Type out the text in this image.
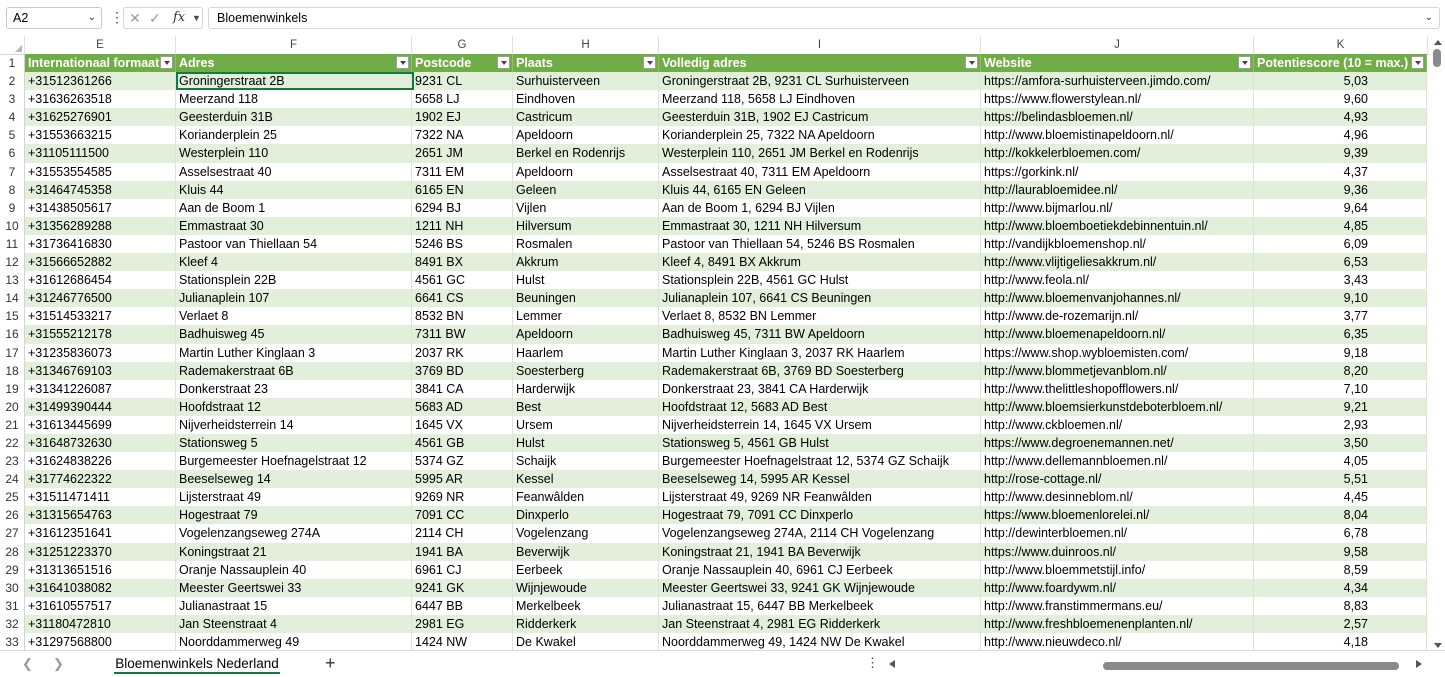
A2	⌄ ⋮ ✕ ✓ fx ▼	Bloemenwinkels	⌄
E	F	G	H	I	J	K
1
2
3
4
5
6
7
8
9
10
11
12
13
14
15
16
17
18
19
20
21
22
23
24
25
26
27
28
29
30
31
32
33
Internationaal formaat	Adres	Postcode	Plaats	Volledig adres	Website	Potentiescore (10 = max.)
+31512361266	Groningerstraat 2B	9231 CL	Surhuisterveen	Groningerstraat 2B, 9231 CL Surhuisterveen	https://amfora-surhuisterveen.jimdo.com/	5,03
+31636263518	Meerzand 118	5658 LJ	Eindhoven	Meerzand 118, 5658 LJ Eindhoven	https://www.flowerstylean.nl/	9,60
+31625276901	Geesterduin 31B	1902 EJ	Castricum	Geesterduin 31B, 1902 EJ Castricum	https://belindasbloemen.nl/	4,93
+31553663215	Korianderplein 25	7322 NA	Apeldoorn	Korianderplein 25, 7322 NA Apeldoorn	http://www.bloemistinapeldoorn.nl/	4,96
+31105111500	Westerplein 110	2651 JM	Berkel en Rodenrijs	Westerplein 110, 2651 JM Berkel en Rodenrijs	http://kokkelerbloemen.com/	9,39
+31553554585	Asselsestraat 40	7311 EM	Apeldoorn	Asselsestraat 40, 7311 EM Apeldoorn	https://gorkink.nl/	4,37
+31464745358	Kluis 44	6165 EN	Geleen	Kluis 44, 6165 EN Geleen	http://laurabloemidee.nl/	9,36
+31438505617	Aan de Boom 1	6294 BJ	Vijlen	Aan de Boom 1, 6294 BJ Vijlen	http://www.bijmarlou.nl/	9,64
+31356289288	Emmastraat 30	1211 NH	Hilversum	Emmastraat 30, 1211 NH Hilversum	http://www.bloemboetiekdebinnentuin.nl/	4,85
+31736416830	Pastoor van Thiellaan 54	5246 BS	Rosmalen	Pastoor van Thiellaan 54, 5246 BS Rosmalen	http://vandijkbloemenshop.nl/	6,09
+31566652882	Kleef 4	8491 BX	Akkrum	Kleef 4, 8491 BX Akkrum	http://www.vlijtigeliesakkrum.nl/	6,53
+31612686454	Stationsplein 22B	4561 GC	Hulst	Stationsplein 22B, 4561 GC Hulst	http://www.feola.nl/	3,43
+31246776500	Julianaplein 107	6641 CS	Beuningen	Julianaplein 107, 6641 CS Beuningen	http://www.bloemenvanjohannes.nl/	9,10
+31514533217	Verlaet 8	8532 BN	Lemmer	Verlaet 8, 8532 BN Lemmer	http://www.de-rozemarijn.nl/	3,77
+31555212178	Badhuisweg 45	7311 BW	Apeldoorn	Badhuisweg 45, 7311 BW Apeldoorn	http://www.bloemenapeldoorn.nl/	6,35
+31235836073	Martin Luther Kinglaan 3	2037 RK	Haarlem	Martin Luther Kinglaan 3, 2037 RK Haarlem	https://www.shop.wybloemisten.com/	9,18
+31346769103	Rademakerstraat 6B	3769 BD	Soesterberg	Rademakerstraat 6B, 3769 BD Soesterberg	http://www.blommetjevanblom.nl/	8,20
+31341226087	Donkerstraat 23	3841 CA	Harderwijk	Donkerstraat 23, 3841 CA Harderwijk	http://www.thelittleshopofflowers.nl/	7,10
+31499390444	Hoofdstraat 12	5683 AD	Best	Hoofdstraat 12, 5683 AD Best	http://www.bloemsierkunstdeboterbloem.nl/	9,21
+31613445699	Nijverheidsterrein 14	1645 VX	Ursem	Nijverheidsterrein 14, 1645 VX Ursem	http://www.ckbloemen.nl/	2,93
+31648732630	Stationsweg 5	4561 GB	Hulst	Stationsweg 5, 4561 GB Hulst	https://www.degroenemannen.net/	3,50
+31624838226	Burgemeester Hoefnagelstraat 12	5374 GZ	Schaijk	Burgemeester Hoefnagelstraat 12, 5374 GZ Schaijk	http://www.dellemannbloemen.nl/	4,05
+31774622322	Beeselseweg 14	5995 AR	Kessel	Beeselseweg 14, 5995 AR Kessel	http://rose-cottage.nl/	5,51
+31511471411	Lijsterstraat 49	9269 NR	Feanwâlden	Lijsterstraat 49, 9269 NR Feanwâlden	http://www.desinneblom.nl/	4,45
+31315654763	Hogestraat 79	7091 CC	Dinxperlo	Hogestraat 79, 7091 CC Dinxperlo	https://www.bloemenlorelei.nl/	8,04
+31612351641	Vogelenzangseweg 274A	2114 CH	Vogelenzang	Vogelenzangseweg 274A, 2114 CH Vogelenzang	http://dewinterbloemen.nl/	6,78
+31251223370	Koningstraat 21	1941 BA	Beverwijk	Koningstraat 21, 1941 BA Beverwijk	https://www.duinroos.nl/	9,58
+31313651516	Oranje Nassauplein 40	6961 CJ	Eerbeek	Oranje Nassauplein 40, 6961 CJ Eerbeek	http://www.bloemmetstijl.info/	8,59
+31641038082	Meester Geertswei 33	9241 GK	Wijnjewoude	Meester Geertswei 33, 9241 GK Wijnjewoude	http://www.foardywm.nl/	4,34
+31610557517	Julianastraat 15	6447 BB	Merkelbeek	Julianastraat 15, 6447 BB Merkelbeek	http://www.franstimmermans.eu/	8,83
+31180472810	Jan Steenstraat 4	2981 EG	Ridderkerk	Jan Steenstraat 4, 2981 EG Ridderkerk	http://www.freshbloemenenplanten.nl/	2,57
+31297568800	Noorddammerweg 49	1424 NW	De Kwakel	Noorddammerweg 49, 1424 NW De Kwakel	http://www.nieuwdeco.nl/	4,18
❮ ❯	Bloemenwinkels Nederland	+	⋮
